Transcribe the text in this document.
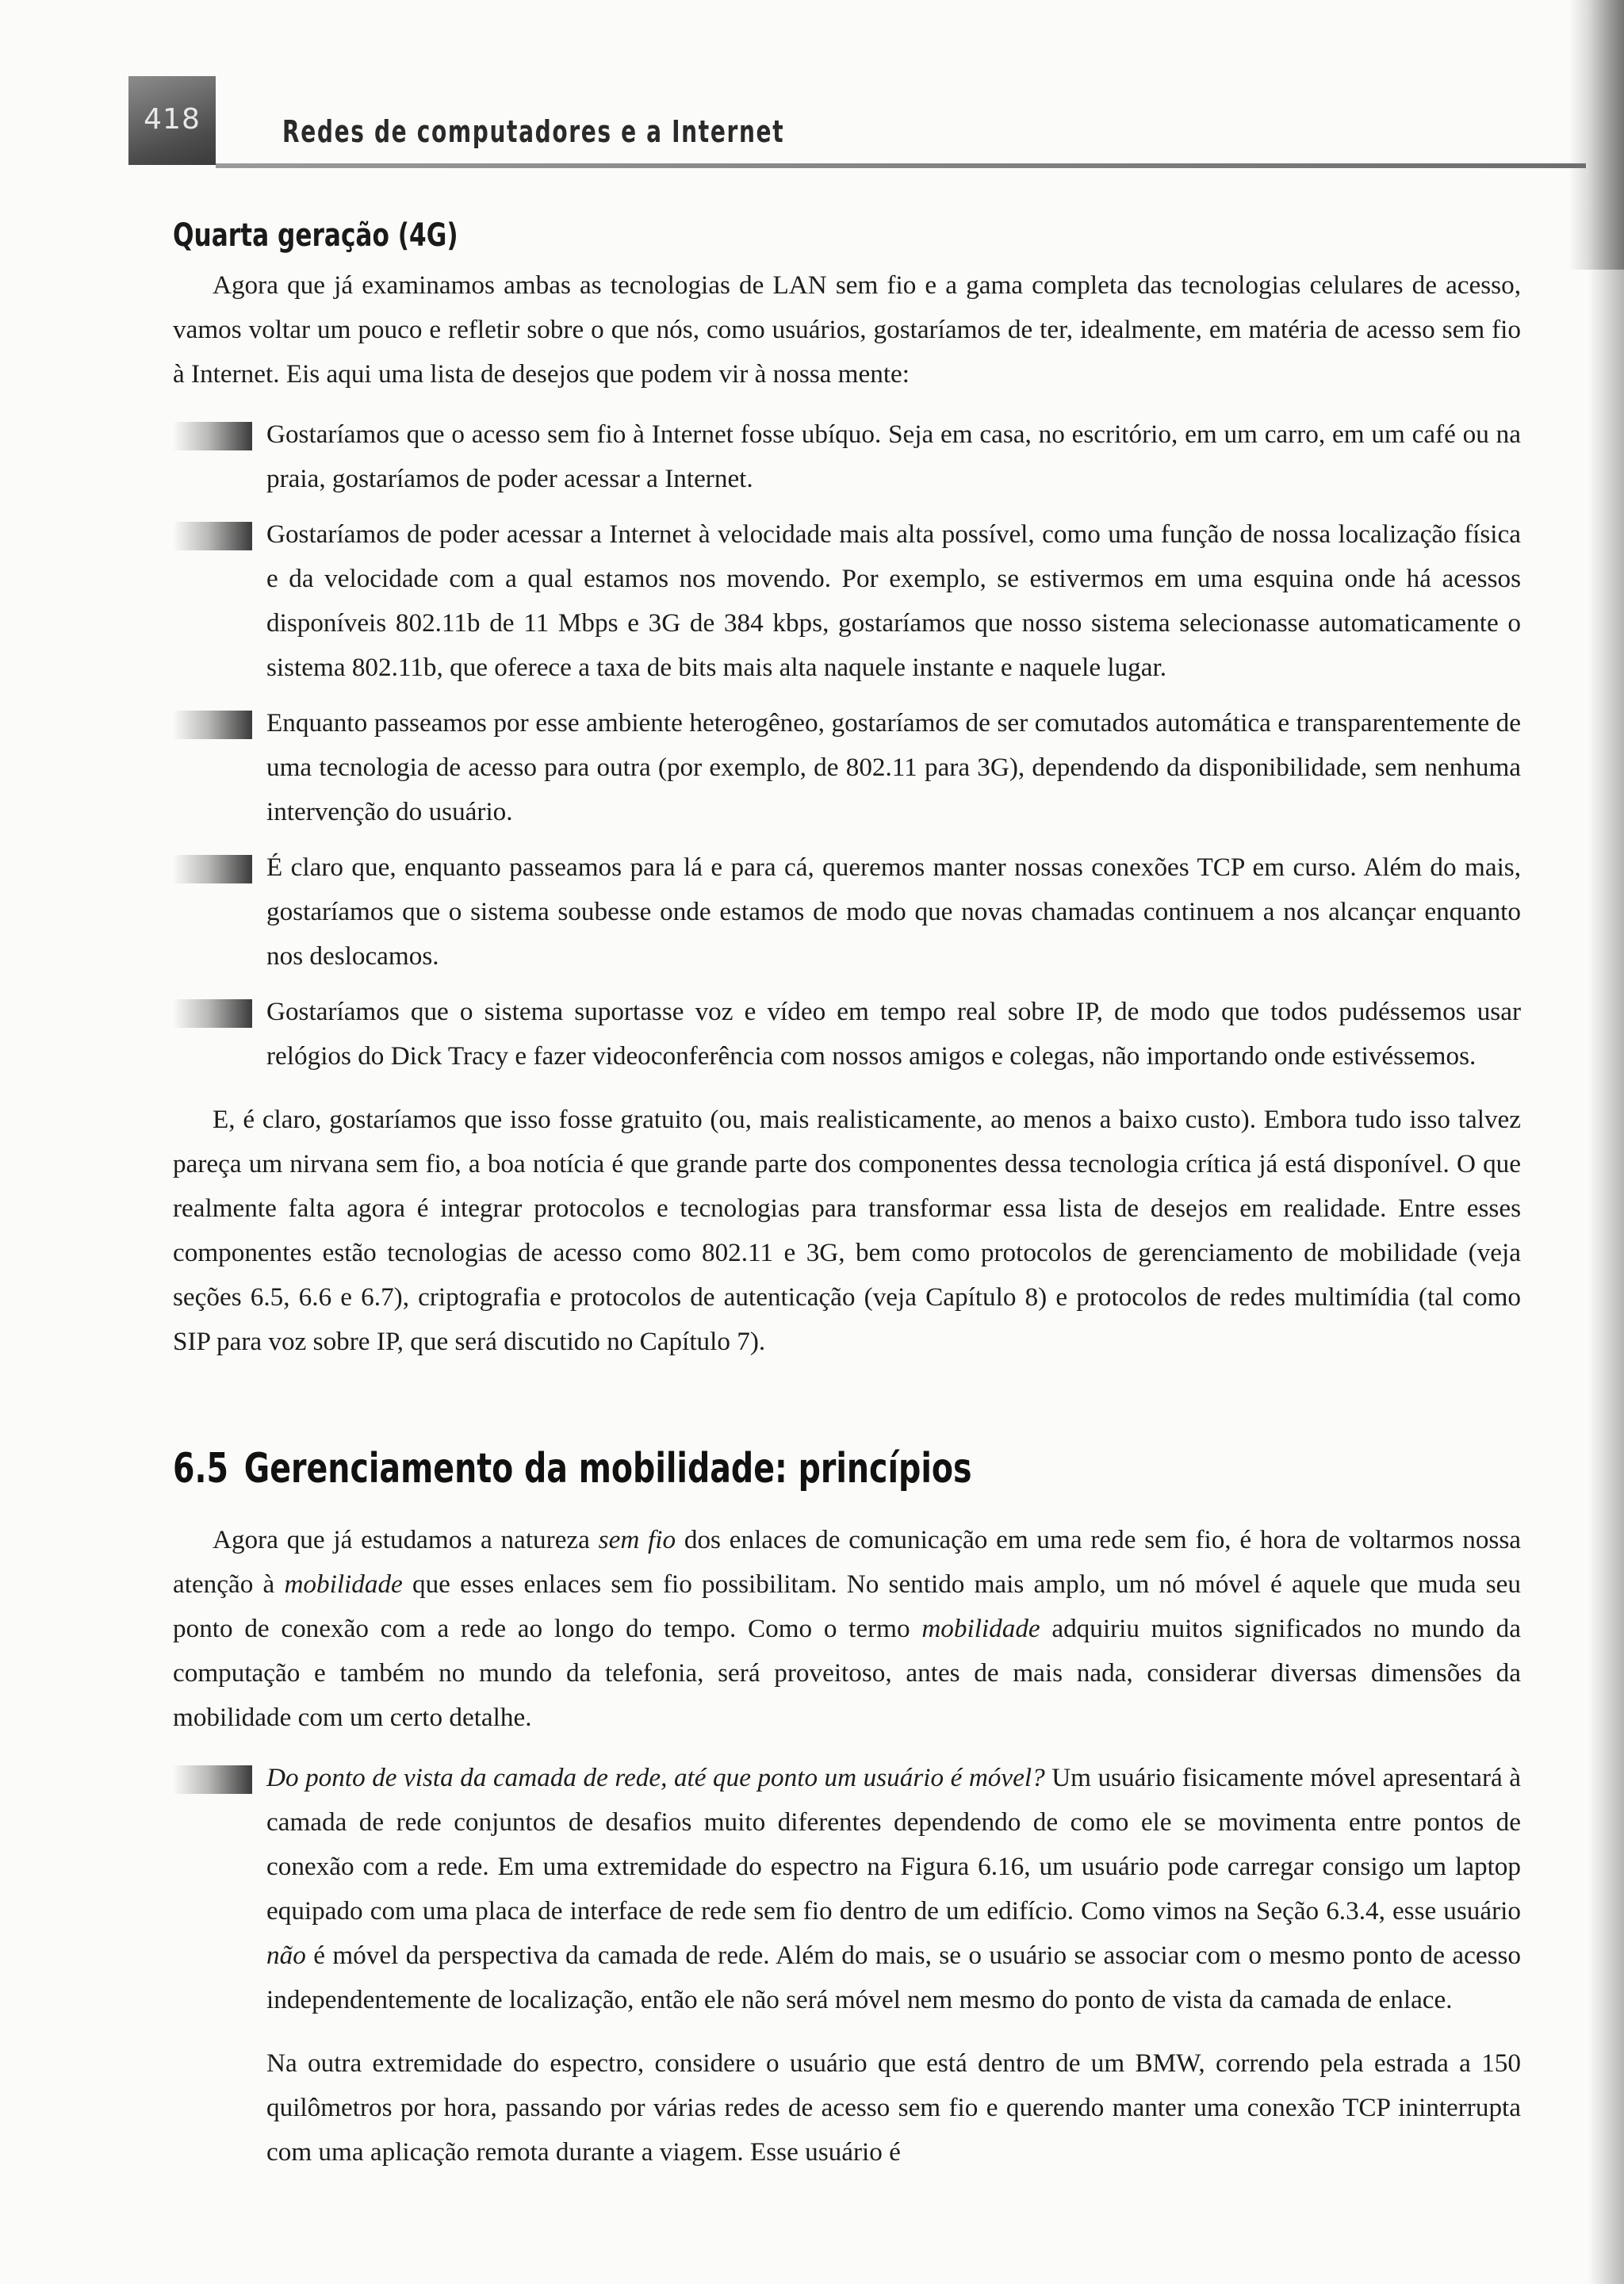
418	Redes de computadores e a Internet
Quarta geração (4G)

Agora que já examinamos ambas as tecnologias de LAN sem fio e a gama completa das tecnologias celulares de acesso, vamos voltar um pouco e refletir sobre o que nós, como usuários, gostaríamos de ter, idealmente, em matéria de acesso sem fio à Internet. Eis aqui uma lista de desejos que podem vir à nossa mente:

Gostaríamos que o acesso sem fio à Internet fosse ubíquo. Seja em casa, no escritório, em um carro, em um café ou na praia, gostaríamos de poder acessar a Internet.

Gostaríamos de poder acessar a Internet à velocidade mais alta possível, como uma função de nossa localização física e da velocidade com a qual estamos nos movendo. Por exemplo, se estivermos em uma esquina onde há acessos disponíveis 802.11b de 11 Mbps e 3G de 384 kbps, gostaríamos que nosso sistema selecionasse automaticamente o sistema 802.11b, que oferece a taxa de bits mais alta naquele instante e naquele lugar.

Enquanto passeamos por esse ambiente heterogêneo, gostaríamos de ser comutados automática e transparentemente de uma tecnologia de acesso para outra (por exemplo, de 802.11 para 3G), dependendo da disponibilidade, sem nenhuma intervenção do usuário.

É claro que, enquanto passeamos para lá e para cá, queremos manter nossas conexões TCP em curso. Além do mais, gostaríamos que o sistema soubesse onde estamos de modo que novas chamadas continuem a nos alcançar enquanto nos deslocamos.

Gostaríamos que o sistema suportasse voz e vídeo em tempo real sobre IP, de modo que todos pudéssemos usar relógios do Dick Tracy e fazer videoconferência com nossos amigos e colegas, não importando onde estivéssemos.

E, é claro, gostaríamos que isso fosse gratuito (ou, mais realisticamente, ao menos a baixo custo). Embora tudo isso talvez pareça um nirvana sem fio, a boa notícia é que grande parte dos componentes dessa tecnologia crítica já está disponível. O que realmente falta agora é integrar protocolos e tecnologias para transformar essa lista de desejos em realidade. Entre esses componentes estão tecnologias de acesso como 802.11 e 3G, bem como protocolos de gerenciamento de mobilidade (veja seções 6.5, 6.6 e 6.7), criptografia e protocolos de autenticação (veja Capítulo 8) e protocolos de redes multimídia (tal como SIP para voz sobre IP, que será discutido no Capítulo 7).

6.5 Gerenciamento da mobilidade: princípios

Agora que já estudamos a natureza sem fio dos enlaces de comunicação em uma rede sem fio, é hora de voltarmos nossa atenção à mobilidade que esses enlaces sem fio possibilitam. No sentido mais amplo, um nó móvel é aquele que muda seu ponto de conexão com a rede ao longo do tempo. Como o termo mobilidade adquiriu muitos significados no mundo da computação e também no mundo da telefonia, será proveitoso, antes de mais nada, considerar diversas dimensões da mobilidade com um certo detalhe.

Do ponto de vista da camada de rede, até que ponto um usuário é móvel? Um usuário fisicamente móvel apresentará à camada de rede conjuntos de desafios muito diferentes dependendo de como ele se movimenta entre pontos de conexão com a rede. Em uma extremidade do espectro na Figura 6.16, um usuário pode carregar consigo um laptop equipado com uma placa de interface de rede sem fio dentro de um edifício. Como vimos na Seção 6.3.4, esse usuário não é móvel da perspectiva da camada de rede. Além do mais, se o usuário se associar com o mesmo ponto de acesso independentemente de localização, então ele não será móvel nem mesmo do ponto de vista da camada de enlace.

Na outra extremidade do espectro, considere o usuário que está dentro de um BMW, correndo pela estrada a 150 quilômetros por hora, passando por várias redes de acesso sem fio e querendo manter uma conexão TCP ininterrupta com uma aplicação remota durante a viagem. Esse usuário é
